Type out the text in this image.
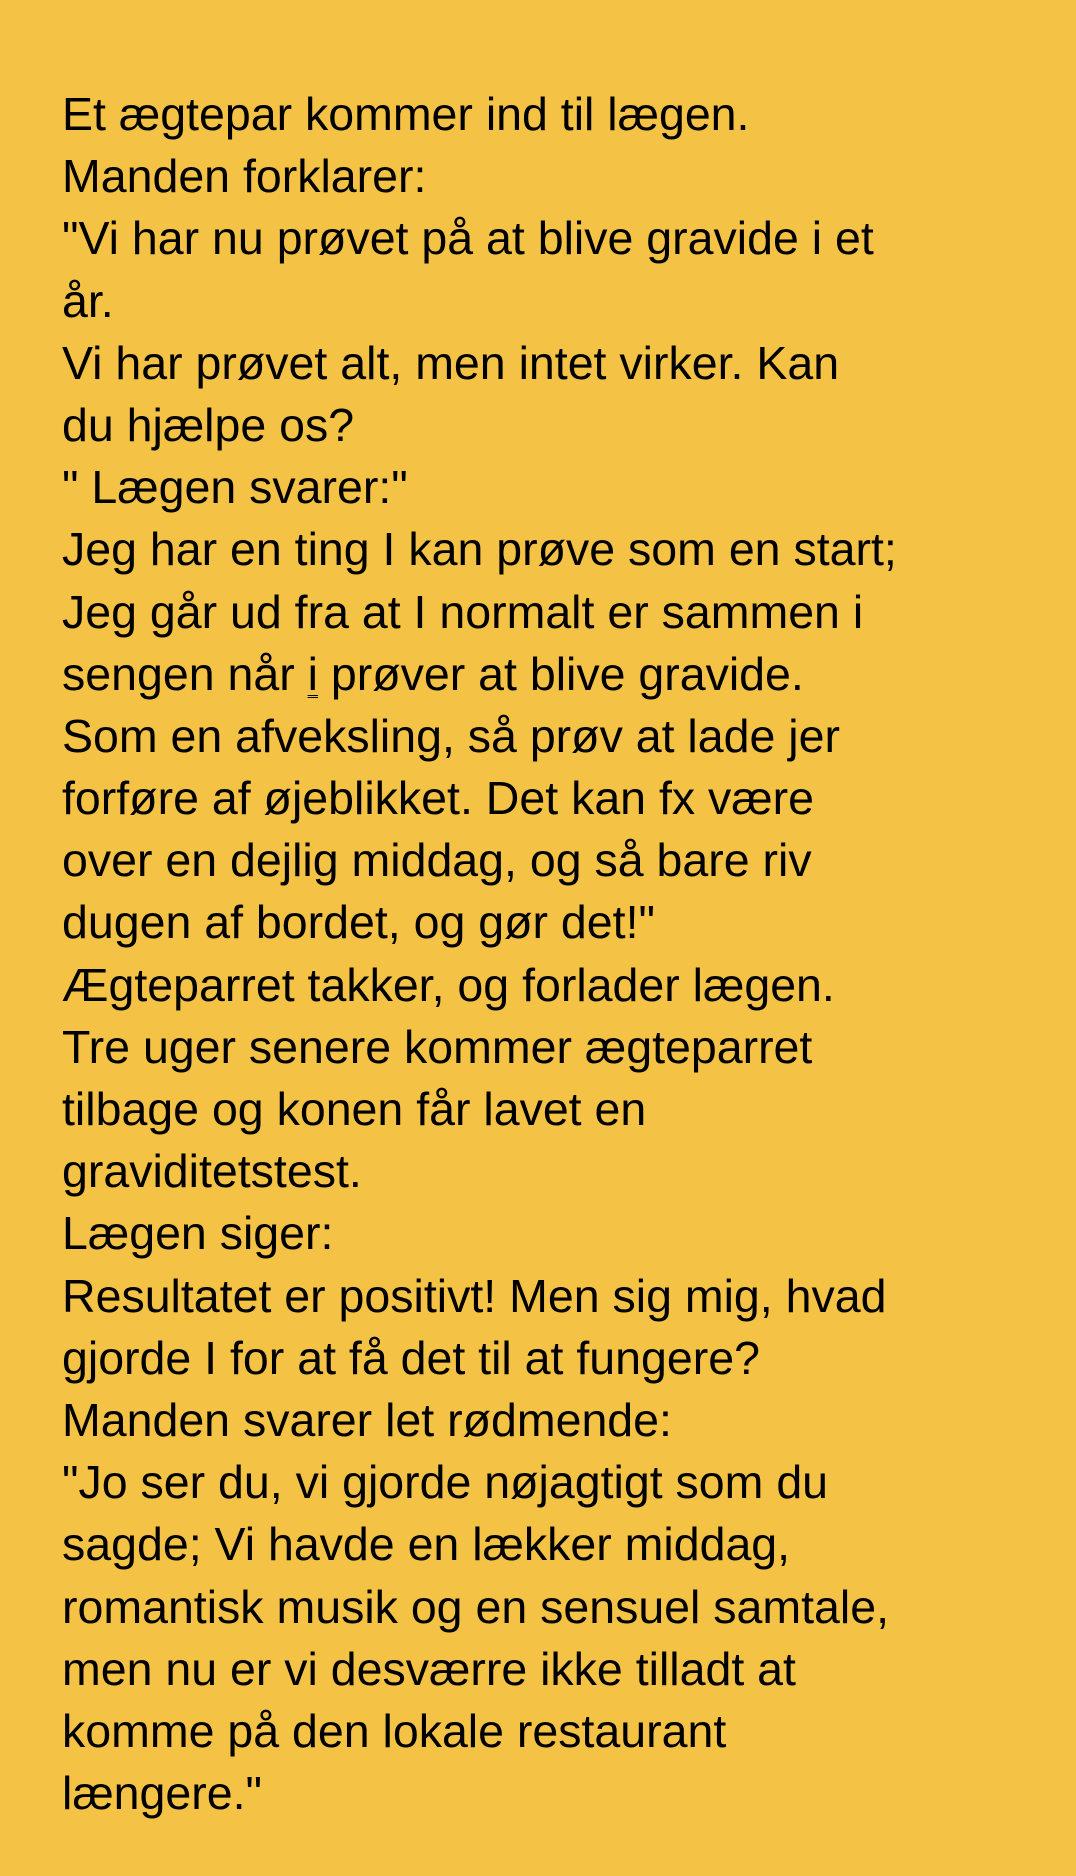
Et ægtepar kommer ind til lægen.
Manden forklarer:
"Vi har nu prøvet på at blive gravide i et
år.
Vi har prøvet alt, men intet virker. Kan
du hjælpe os?
" Lægen svarer:"
Jeg har en ting I kan prøve som en start;
Jeg går ud fra at I normalt er sammen i
sengen når i prøver at blive gravide.
Som en afveksling, så prøv at lade jer
forføre af øjeblikket. Det kan fx være
over en dejlig middag, og så bare riv
dugen af bordet, og gør det!"
Ægteparret takker, og forlader lægen.
Tre uger senere kommer ægteparret
tilbage og konen får lavet en
graviditetstest.
Lægen siger:
Resultatet er positivt! Men sig mig, hvad
gjorde I for at få det til at fungere?
Manden svarer let rødmende:
"Jo ser du, vi gjorde nøjagtigt som du
sagde; Vi havde en lækker middag,
romantisk musik og en sensuel samtale,
men nu er vi desværre ikke tilladt at
komme på den lokale restaurant
længere."
